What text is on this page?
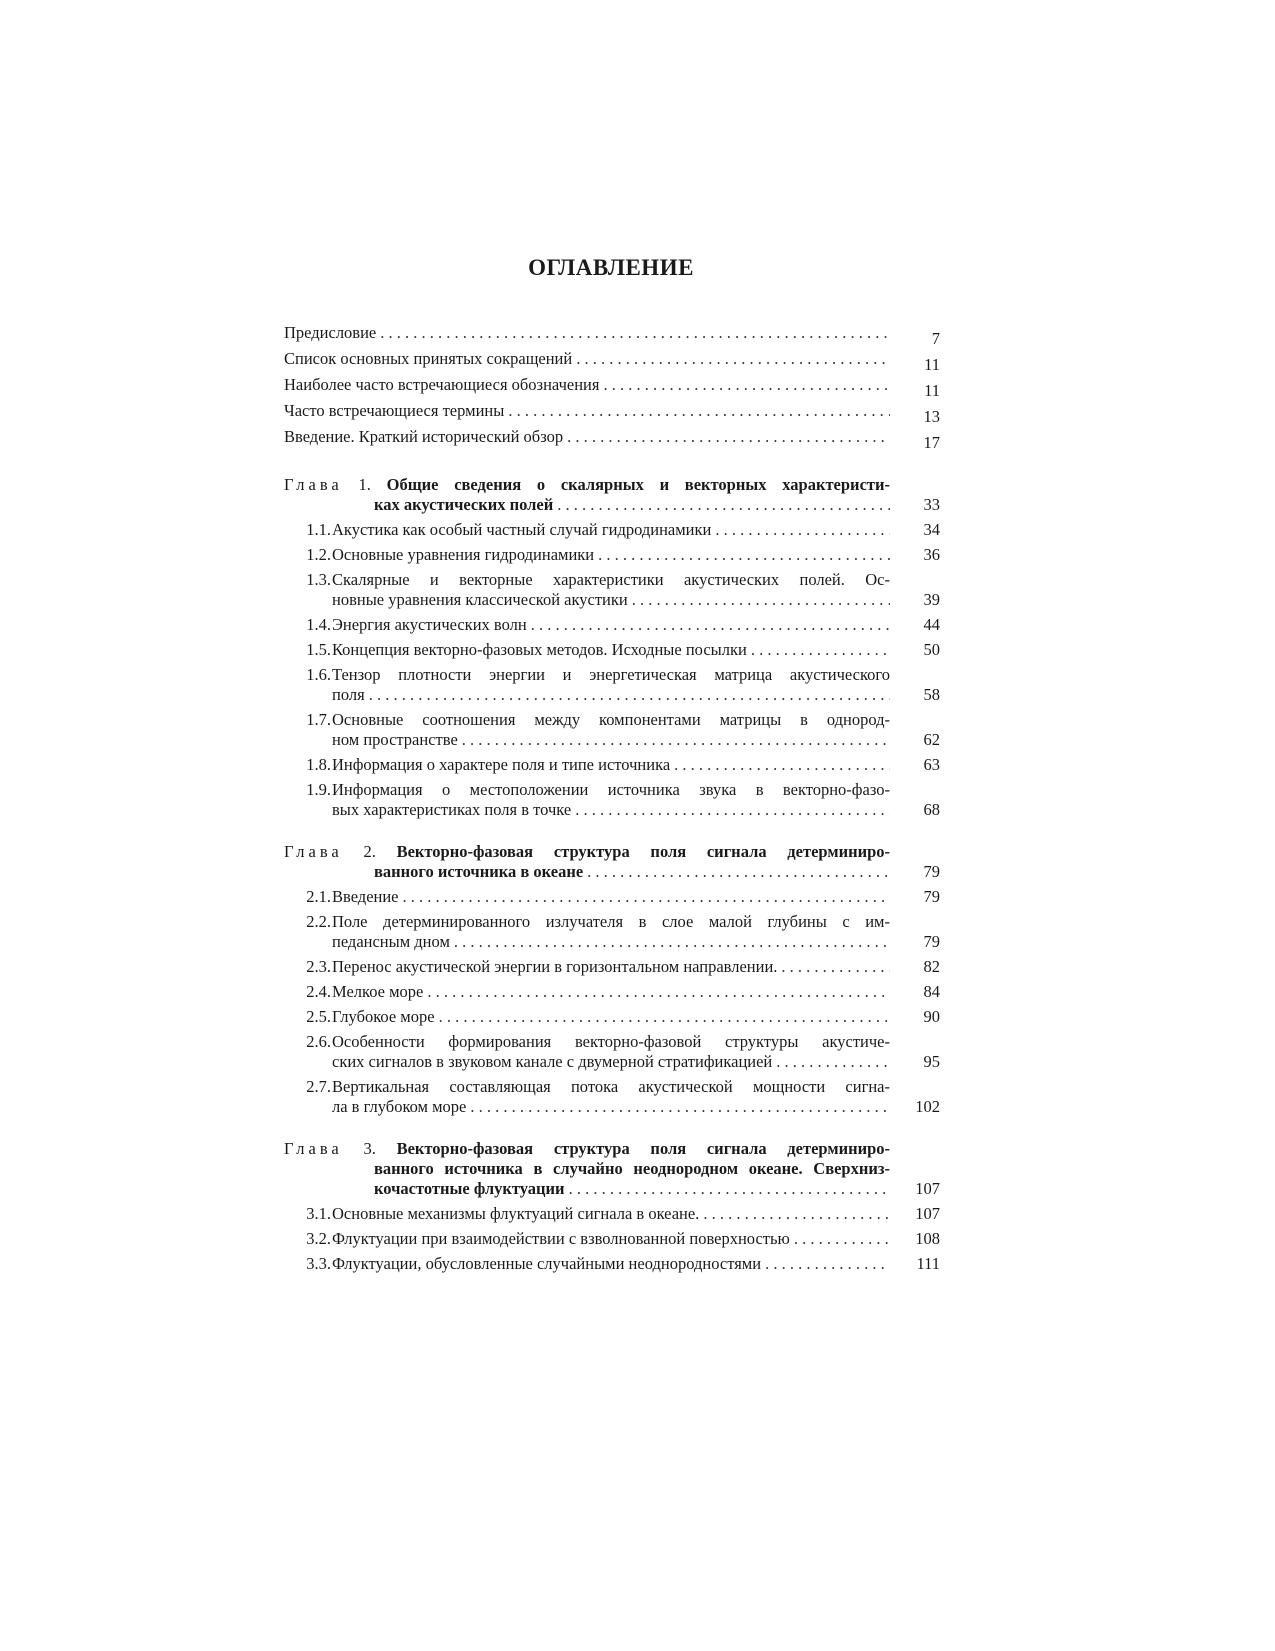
ОГЛАВЛЕНИЕ
Предисловие . . .	7
Список основных принятых сокращений . . .	11
Наиболее часто встречающиеся обозначения . . .	11
Часто встречающиеся термины . . .	13
Введение. Краткий исторический обзор . . .	17
Глава 1. Общие сведения о скалярных и векторных характеристи-
ках акустических полей . . .	33
1.1. Акустика как особый частный случай гидродинамики . . .	34
1.2. Основные уравнения гидродинамики . . .	36
1.3. Скалярные и векторные характеристики акустических полей. Ос-
новные уравнения классической акустики . . .	39
1.4. Энергия акустических волн . . .	44
1.5. Концепция векторно-фазовых методов. Исходные посылки . . .	50
1.6. Тензор плотности энергии и энергетическая матрица акустического
поля . . .	58
1.7. Основные соотношения между компонентами матрицы в однород-
ном пространстве . . .	62
1.8. Информация о характере поля и типе источника . . .	63
1.9. Информация о местоположении источника звука в векторно-фазо-
вых характеристиках поля в точке . . .	68
Глава 2. Векторно-фазовая структура поля сигнала детерминиро-
ванного источника в океане . . .	79
2.1. Введение . . .	79
2.2. Поле детерминированного излучателя в слое малой глубины с им-
педансным дном . . .	79
2.3. Перенос акустической энергии в горизонтальном направлении. . . .	82
2.4. Мелкое море . . .	84
2.5. Глубокое море . . .	90
2.6. Особенности формирования векторно-фазовой структуры акустиче-
ских сигналов в звуковом канале с двумерной стратификацией . . .	95
2.7. Вертикальная составляющая потока акустической мощности сигна-
ла в глубоком море . . .	102
Глава 3. Векторно-фазовая структура поля сигнала детерминиро-
ванного источника в случайно неоднородном океане. Сверхниз-
кочастотные флуктуации . . .	107
3.1. Основные механизмы флуктуаций сигнала в океане. . . .	107
3.2. Флуктуации при взаимодействии с взволнованной поверхностью . . .	108
3.3. Флуктуации, обусловленные случайными неоднородностями . . .	111
